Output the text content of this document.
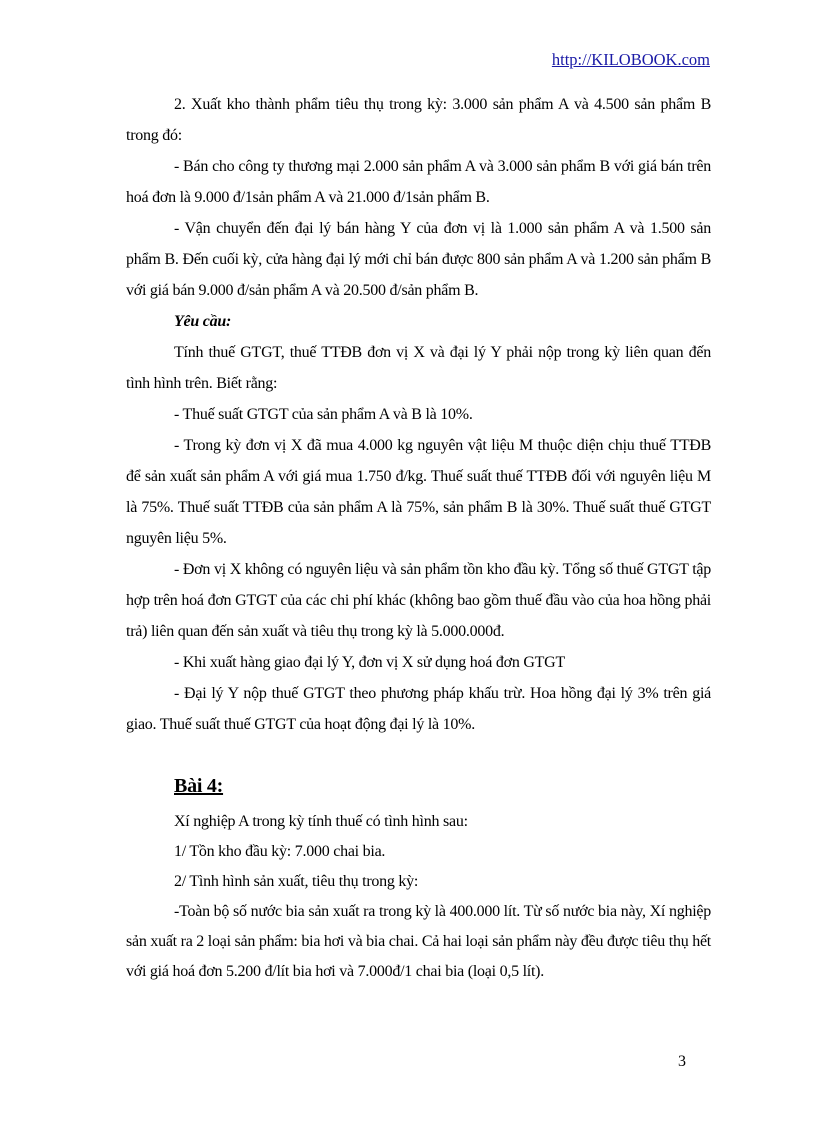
http://KILOBOOK.com

2. Xuất kho thành phẩm tiêu thụ trong kỳ: 3.000 sản phẩm A và 4.500 sản phẩm B trong đó:

- Bán cho công ty thương mại 2.000 sản phẩm A và 3.000 sản phẩm B với giá bán trên hoá đơn là 9.000 đ/1sản phẩm A và 21.000 đ/1sản phẩm B.

- Vận chuyển đến đại lý bán hàng Y của đơn vị là 1.000 sản phẩm A và 1.500 sản phẩm B. Đến cuối kỳ, cửa hàng đại lý mới chỉ bán được 800 sản phẩm A và 1.200 sản phẩm B với giá bán 9.000 đ/sản phẩm A và 20.500 đ/sản phẩm B.

Yêu cầu:

Tính thuế GTGT, thuế TTĐB đơn vị X và đại lý Y phải nộp trong kỳ liên quan đến tình hình trên. Biết rằng:

- Thuế suất GTGT của sản phẩm A và B là 10%.

- Trong kỳ đơn vị X đã mua 4.000 kg nguyên vật liệu M thuộc diện chịu thuế TTĐB để sản xuất sản phẩm A với giá mua 1.750 đ/kg. Thuế suất thuế TTĐB đối với nguyên liệu M là 75%. Thuế suất TTĐB của sản phẩm A là 75%, sản phẩm B là 30%. Thuế suất thuế GTGT nguyên liệu 5%.

- Đơn vị X không có nguyên liệu và sản phẩm tồn kho đầu kỳ. Tổng số thuế GTGT tập hợp trên hoá đơn GTGT của các chi phí khác (không bao gồm thuế đầu vào của hoa hồng phải trả) liên quan đến sản xuất và tiêu thụ trong kỳ là 5.000.000đ.

- Khi xuất hàng giao đại lý Y, đơn vị X sử dụng hoá đơn GTGT

- Đại lý Y nộp thuế GTGT theo phương pháp khấu trừ. Hoa hồng đại lý 3% trên giá giao. Thuế suất thuế GTGT của hoạt động đại lý là 10%.

Bài 4:

Xí nghiệp A trong kỳ tính thuế có tình hình sau:

1/ Tồn kho đầu kỳ: 7.000 chai bia.

2/ Tình hình sản xuất, tiêu thụ trong kỳ:

-Toàn bộ số nước bia sản xuất ra trong kỳ là 400.000 lít. Từ số nước bia này, Xí nghiệp sản xuất ra 2 loại sản phẩm: bia hơi và bia chai. Cả hai loại sản phẩm này đều được tiêu thụ hết với giá hoá đơn 5.200 đ/lít bia hơi và 7.000đ/1 chai bia (loại 0,5 lít).

3
